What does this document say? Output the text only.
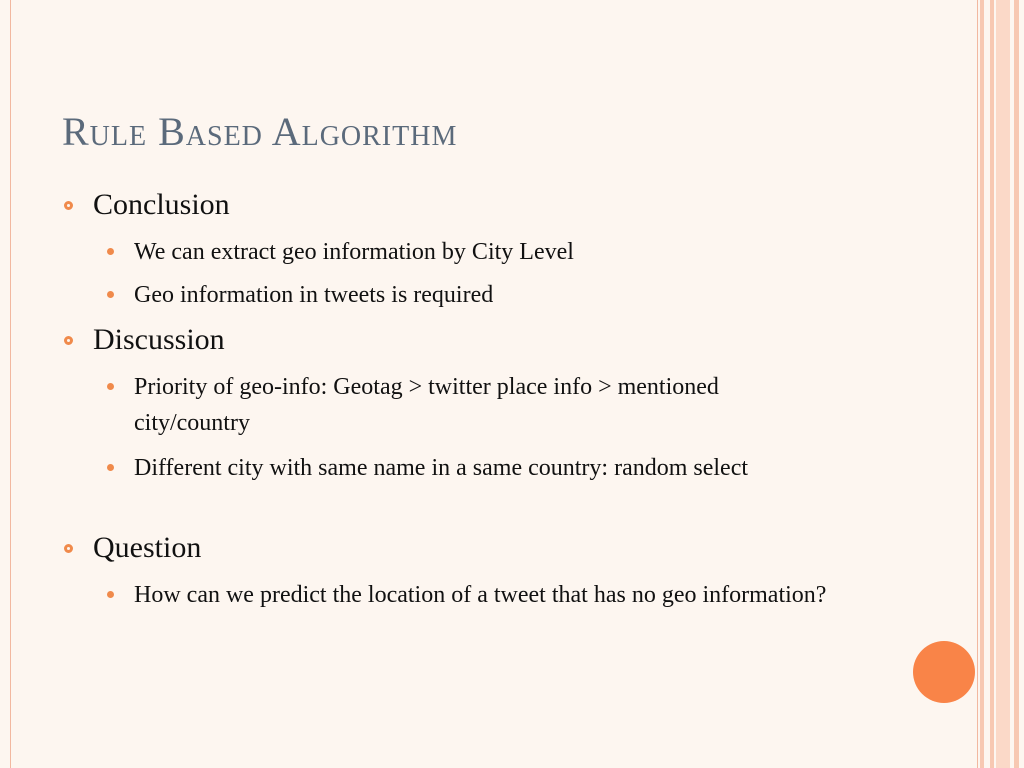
Rule Based Algorithm
Conclusion
We can extract geo information by City Level
Geo information in tweets is required
Discussion
Priority of geo-info: Geotag > twitter place info > mentioned city/country
Different city with same name in a same country: random select
Question
How can we predict the location of a tweet that has no geo information?
